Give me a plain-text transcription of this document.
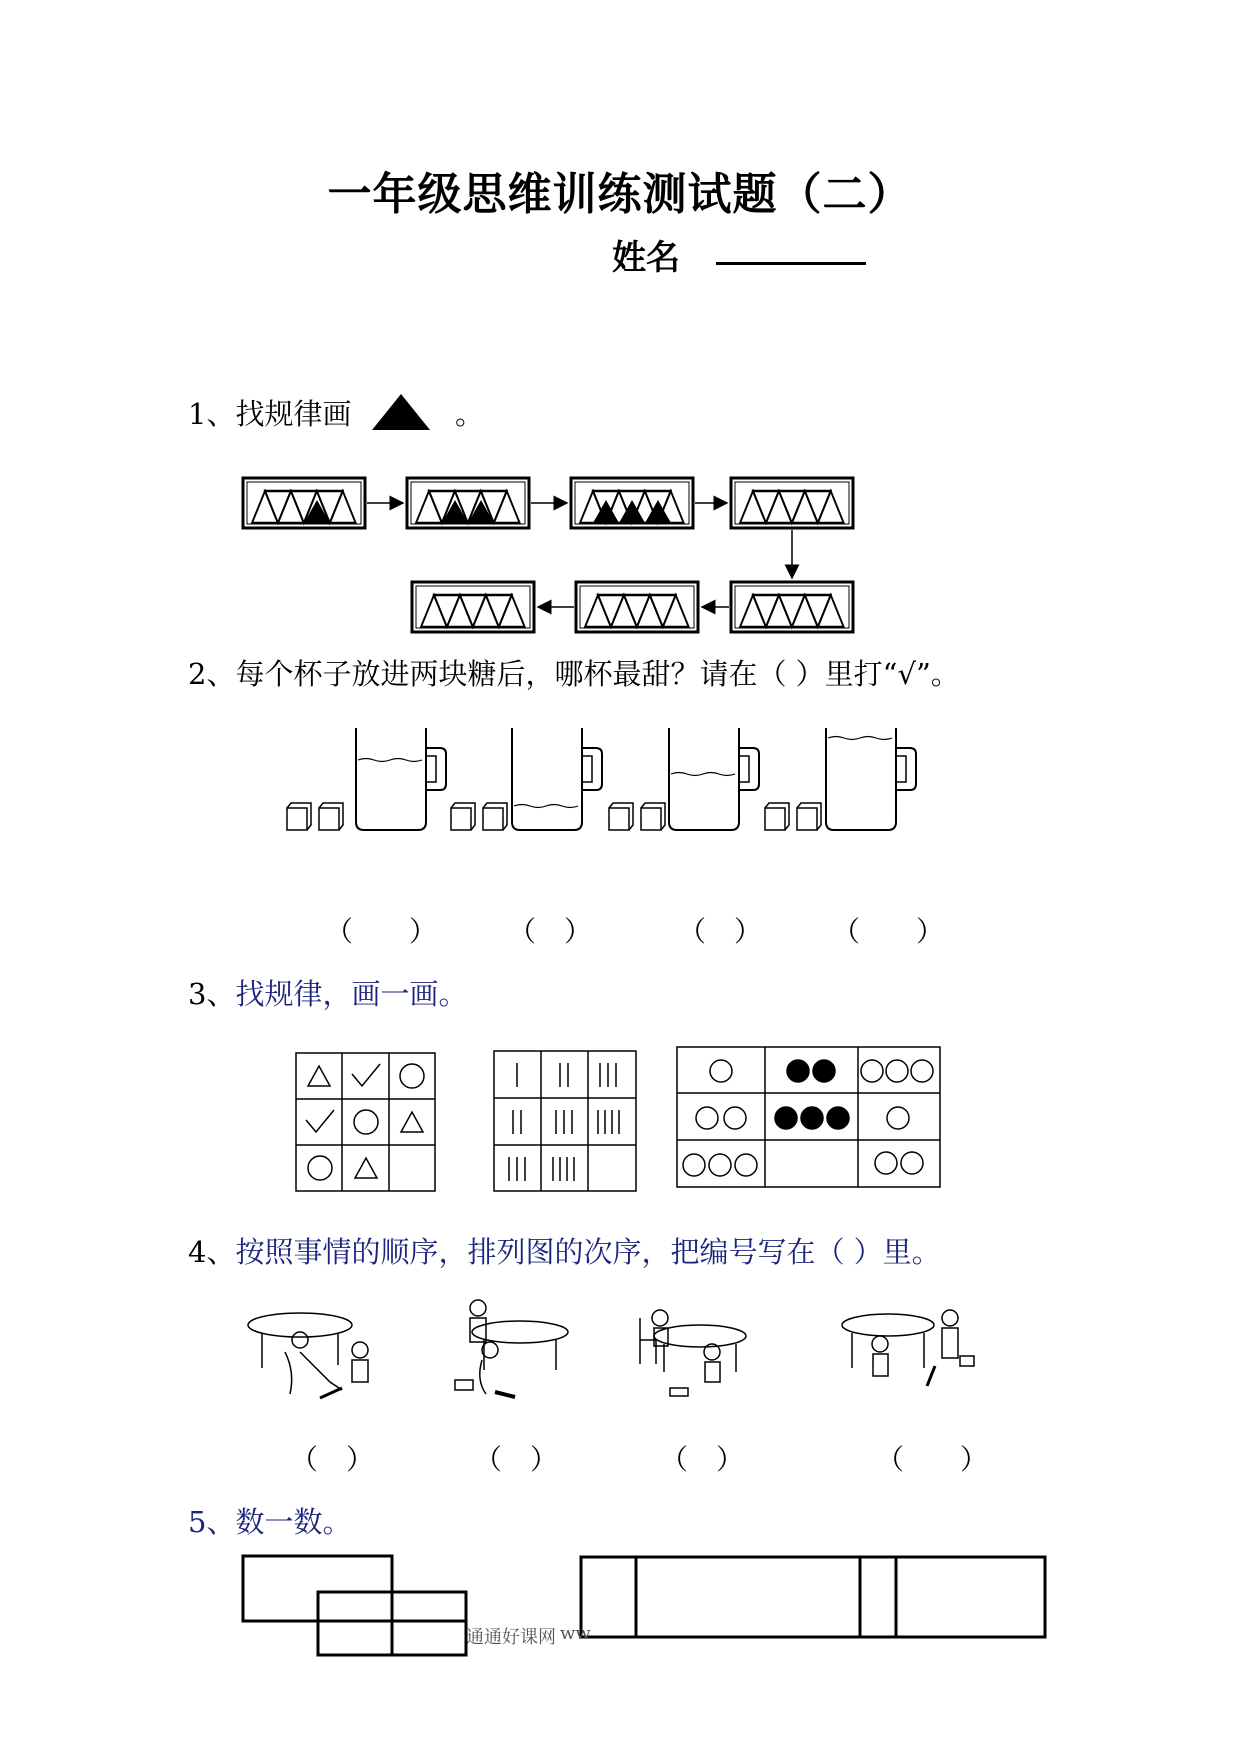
一年级思维训练测试题（二）
姓名
1、找规律画	。
2、每个杯子放进两块糖后，哪杯最甜？请在（ ）里打“√”。
（　　）	（　）	（　） （　　）
3、找规律，画一画。
4、按照事情的顺序，排列图的次序，把编号写在（ ）里。
（　）	（　）	（　）	（　　）
5、数一数。
通通好课网 ww
